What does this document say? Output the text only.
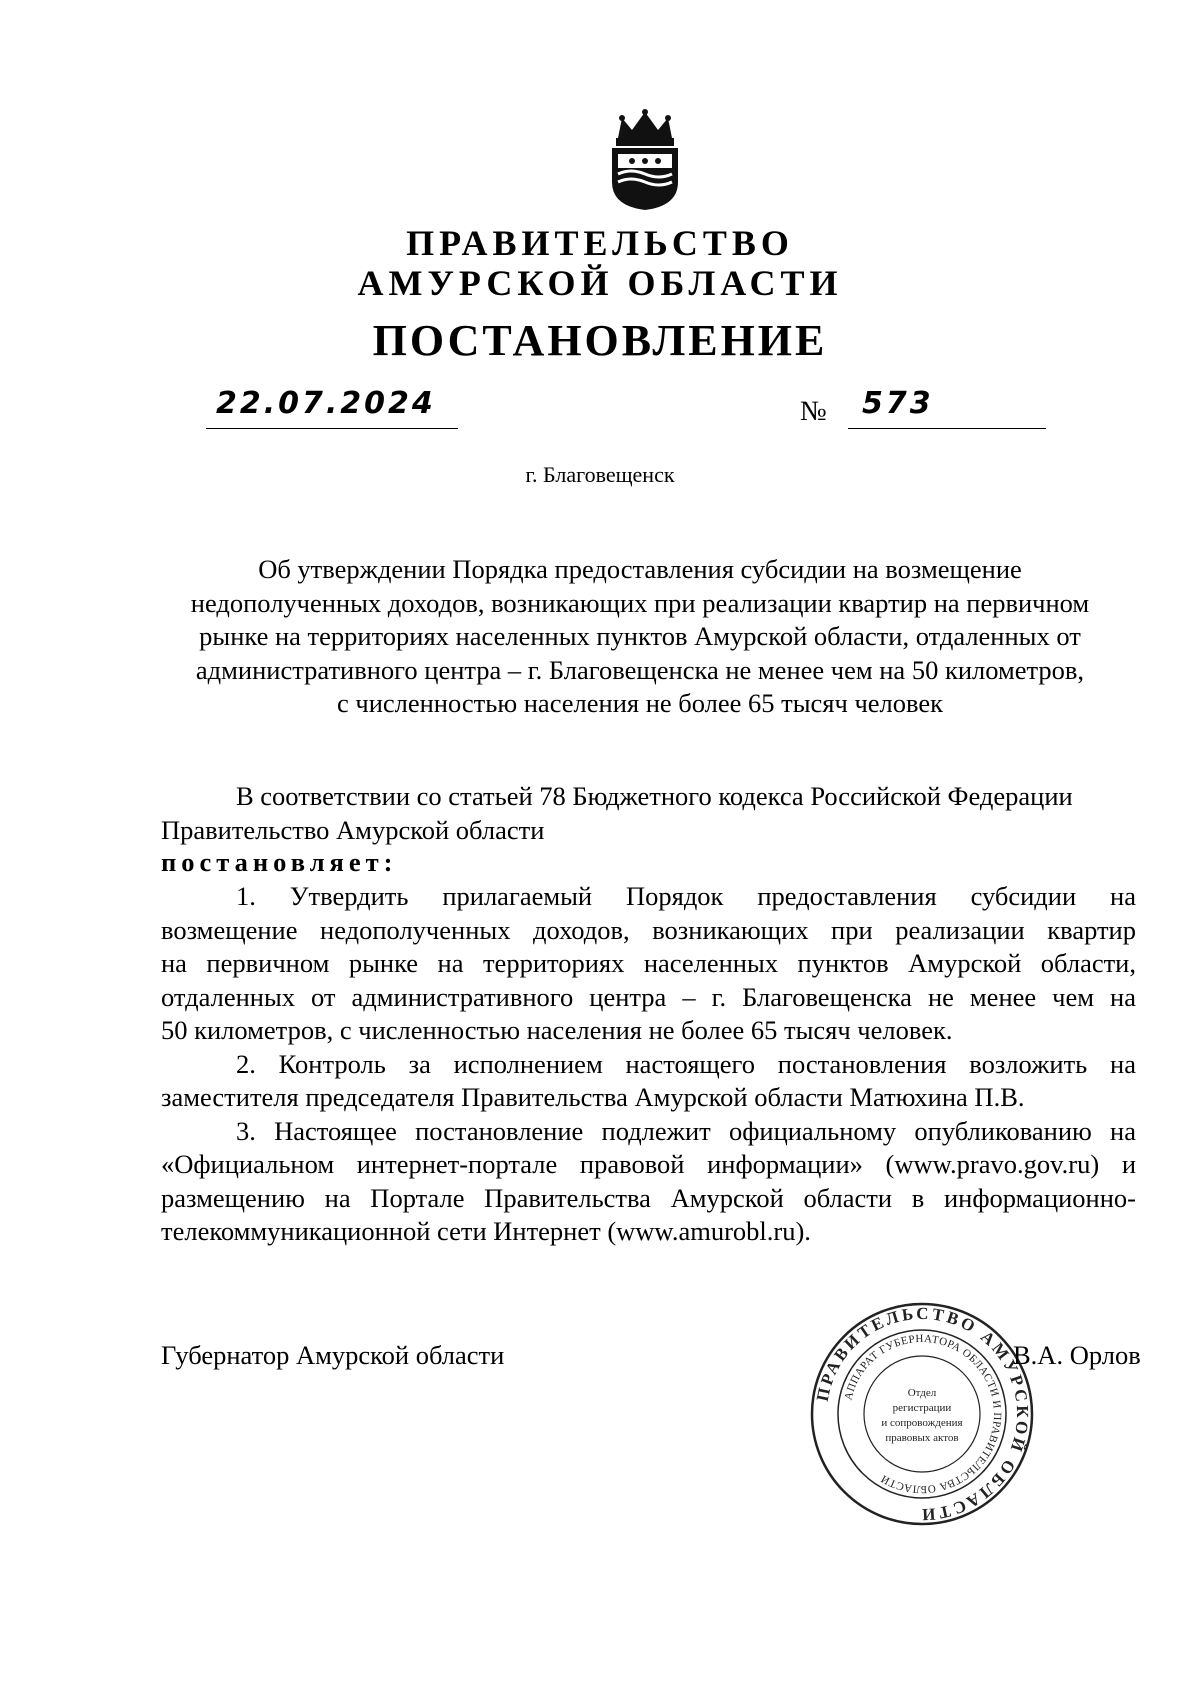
ПРАВИТЕЛЬСТВО
АМУРСКОЙ ОБЛАСТИ
ПОСТАНОВЛЕНИЕ
22.07.2024	№ 573
г. Благовещенск
Об утверждении Порядка предоставления субсидии на возмещение
недополученных доходов, возникающих при реализации квартир на первичном
рынке на территориях населенных пунктов Амурской области, отдаленных от
административного центра – г. Благовещенска не менее чем на 50 километров,
с численностью населения не более 65 тысяч человек
В соответствии со статьей 78 Бюджетного кодекса Российской Федерации
Правительство Амурской области
постановляет:
1. Утвердить прилагаемый Порядок предоставления субсидии на
возмещение недополученных доходов, возникающих при реализации квартир
на первичном рынке на территориях населенных пунктов Амурской области,
отдаленных от административного центра – г. Благовещенска не менее чем на
50 километров, с численностью населения не более 65 тысяч человек.
2. Контроль за исполнением настоящего постановления возложить на
заместителя председателя Правительства Амурской области Матюхина П.В.
3. Настоящее постановление подлежит официальному опубликованию на
«Официальном интернет-портале правовой информации» (www.pravo.gov.ru) и
размещению на Портале Правительства Амурской области в информационно-
телекоммуникационной сети Интернет (www.amurobl.ru).
Губернатор Амурской области
ПРАВИТЕЛЬСТВО АМУРСКОЙ ОБЛАСТИ
АППАРАТ ГУБЕРНАТОРА ОБЛАСТИ И ПРАВИТЕЛЬСТВА ОБЛАСТИ
Отдел
регистрации
и сопровождения
правовых актов
В.А. Орлов
